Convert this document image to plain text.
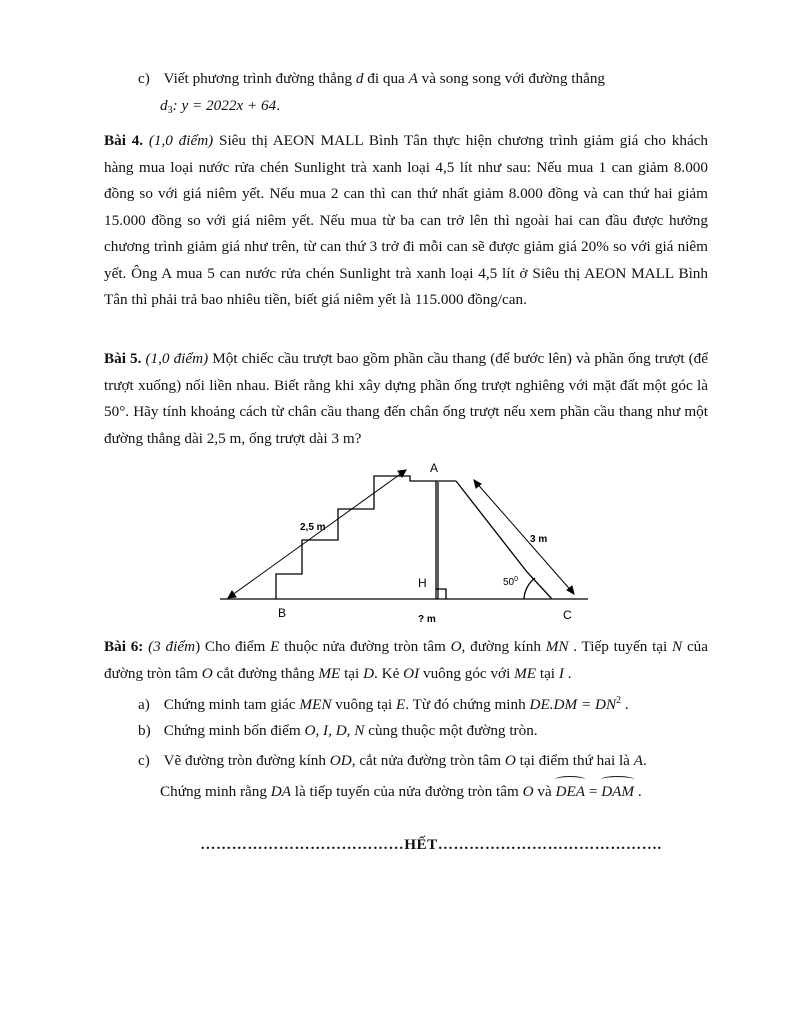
c) Viết phương trình đường thẳng d đi qua A và song song với đường thẳng
$d_3$: y = 2022x + 64.
Bài 4. (1,0 điểm) Siêu thị AEON MALL Bình Tân thực hiện chương trình giảm giá cho khách hàng mua loại nước rửa chén Sunlight trà xanh loại 4,5 lít như sau: Nếu mua 1 can giảm 8.000 đồng so với giá niêm yết. Nếu mua 2 can thì can thứ nhất giảm 8.000 đồng và can thứ hai giảm 15.000 đồng so với giá niêm yết. Nếu mua từ ba can trở lên thì ngoài hai can đầu được hưởng chương trình giảm giá như trên, từ can thứ 3 trở đi mỗi can sẽ được giảm giá 20% so với giá niêm yết. Ông A mua 5 can nước rửa chén Sunlight trà xanh loại 4,5 lít ở Siêu thị AEON MALL Bình Tân thì phải trả bao nhiêu tiền, biết giá niêm yết là 115.000 đồng/can.
Bài 5. (1,0 điểm) Một chiếc cầu trượt bao gồm phần cầu thang (để bước lên) và phần ống trượt (để trượt xuống) nối liền nhau. Biết rằng khi xây dựng phần ống trượt nghiêng với mặt đất một góc là 50°. Hãy tính khoảng cách từ chân cầu thang đến chân ống trượt nếu xem phần cầu thang như một đường thẳng dài 2,5 m, ống trượt dài 3 m?
A
B	C
H
2,5 m
3 m
$50^0$
? m
Bài 6: (3 điểm) Cho điểm E thuộc nửa đường tròn tâm O, đường kính MN . Tiếp tuyến tại N của đường tròn tâm O cắt đường thẳng ME tại D. Kẻ OI vuông góc với ME tại I .
a) Chứng minh tam giác MEN vuông tại E. Từ đó chứng minh $DE.DM = DN^2$ .
b) Chứng minh bốn điểm O, I, D, N cùng thuộc một đường tròn.
c) Vẽ đường tròn đường kính OD, cắt nửa đường tròn tâm O tại điểm thứ hai là A.
Chứng minh rằng DA là tiếp tuyến của nửa đường tròn tâm O và DEA = DAM .
…………………………………HẾT…………………………………….
